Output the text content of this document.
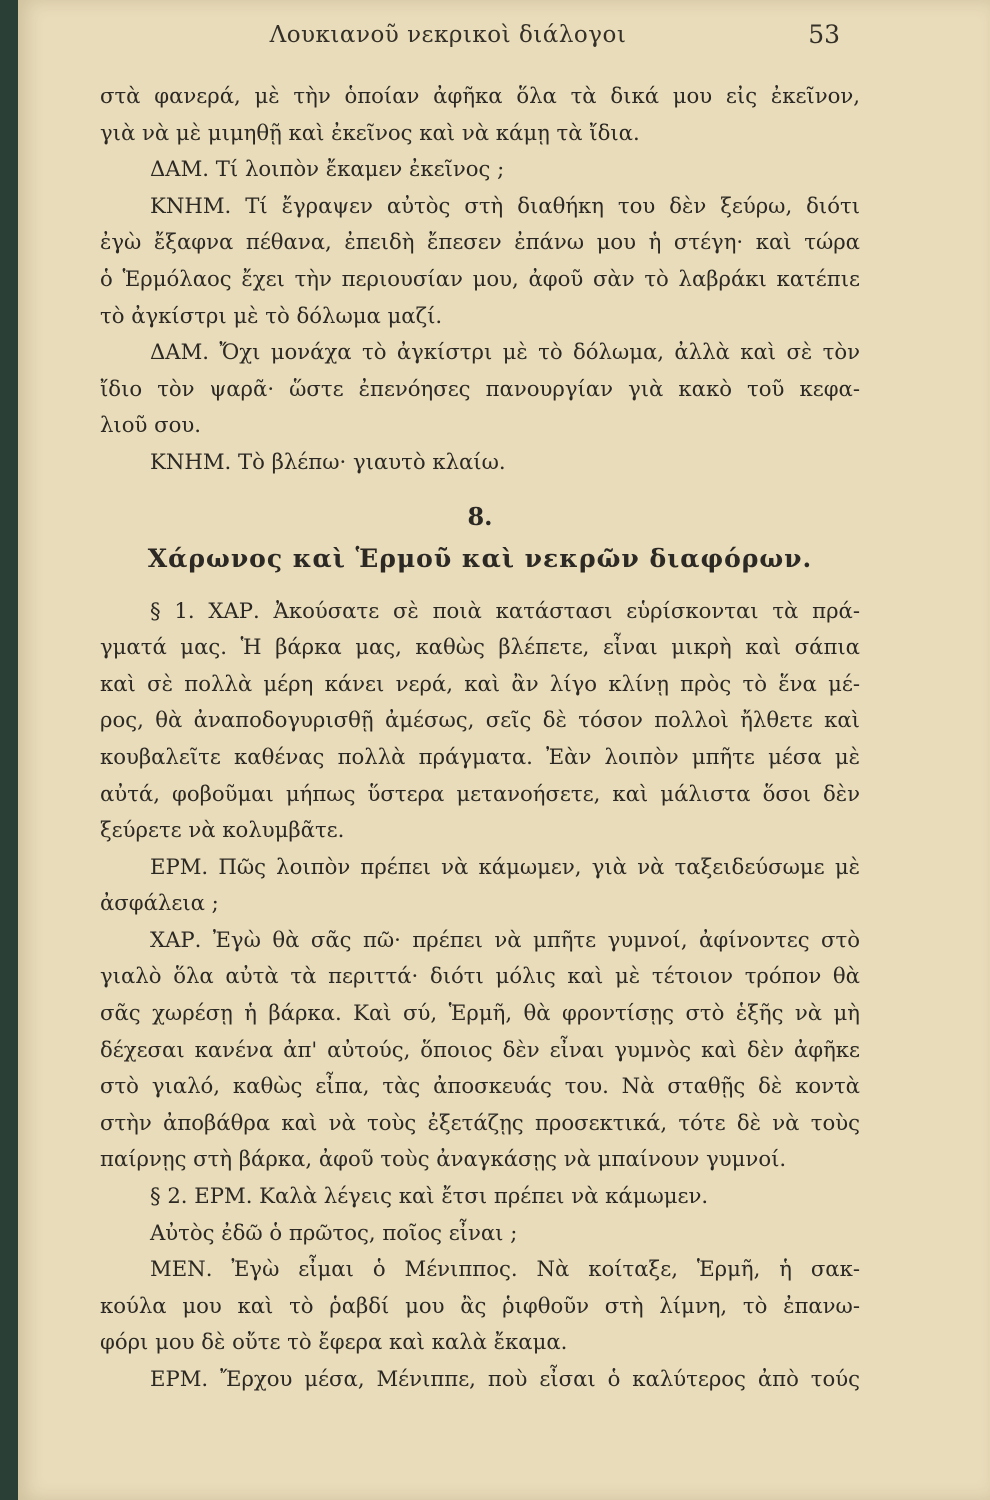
Λουκιανοῦ νεκρικοὶ διάλογοι	53
στὰ φανερά, μὲ τὴν ὁποίαν ἀφῆκα ὅλα τὰ δικά μου εἰς ἐκεῖνον,
γιὰ νὰ μὲ μιμηθῇ καὶ ἐκεῖνος καὶ νὰ κάμῃ τὰ ἴδια.
ΔΑΜ. Τί λοιπὸν ἔκαμεν ἐκεῖνος ;
ΚΝΗΜ. Τί ἔγραψεν αὐτὸς στὴ διαθήκη του δὲν ξεύρω, διότι
ἐγὼ ἔξαφνα πέθανα, ἐπειδὴ ἔπεσεν ἐπάνω μου ἡ στέγη· καὶ τώρα
ὁ Ἑρμόλαος ἔχει τὴν περιουσίαν μου, ἀφοῦ σὰν τὸ λαβράκι κατέπιε
τὸ ἀγκίστρι μὲ τὸ δόλωμα μαζί.
ΔΑΜ. Ὄχι μονάχα τὸ ἀγκίστρι μὲ τὸ δόλωμα, ἀλλὰ καὶ σὲ τὸν
ἴδιο τὸν ψαρᾶ· ὥστε ἐπενόησες πανουργίαν γιὰ κακὸ τοῦ κεφα-
λιοῦ σου.
ΚΝΗΜ. Τὸ βλέπω· γιαυτὸ κλαίω.
8.
Χάρωνος καὶ Ἑρμοῦ καὶ νεκρῶν διαφόρων.
§ 1. ΧΑΡ. Ἀκούσατε σὲ ποιὰ κατάστασι εὑρίσκονται τὰ πρά-
γματά μας. Ἡ βάρκα μας, καθὼς βλέπετε, εἶναι μικρὴ καὶ σάπια
καὶ σὲ πολλὰ μέρη κάνει νερά, καὶ ἂν λίγο κλίνῃ πρὸς τὸ ἕνα μέ-
ρος, θὰ ἀναποδογυρισθῇ ἀμέσως, σεῖς δὲ τόσον πολλοὶ ἤλθετε καὶ
κουβαλεῖτε καθένας πολλὰ πράγματα. Ἐὰν λοιπὸν μπῆτε μέσα μὲ
αὐτά, φοβοῦμαι μήπως ὕστερα μετανοήσετε, καὶ μάλιστα ὅσοι δὲν
ξεύρετε νὰ κολυμβᾶτε.
ΕΡΜ. Πῶς λοιπὸν πρέπει νὰ κάμωμεν, γιὰ νὰ ταξειδεύσωμε μὲ
ἀσφάλεια ;
ΧΑΡ. Ἐγὼ θὰ σᾶς πῶ· πρέπει νὰ μπῆτε γυμνοί, ἀφίνοντες στὸ
γιαλὸ ὅλα αὐτὰ τὰ περιττά· διότι μόλις καὶ μὲ τέτοιον τρόπον θὰ
σᾶς χωρέσῃ ἡ βάρκα. Καὶ σύ, Ἑρμῆ, θὰ φροντίσῃς στὸ ἑξῆς νὰ μὴ
δέχεσαι κανένα ἀπ' αὐτούς, ὅποιος δὲν εἶναι γυμνὸς καὶ δὲν ἀφῆκε
στὸ γιαλό, καθὼς εἶπα, τὰς ἀποσκευάς του. Νὰ σταθῇς δὲ κοντὰ
στὴν ἀποβάθρα καὶ νὰ τοὺς ἐξετάζῃς προσεκτικά, τότε δὲ νὰ τοὺς
παίρνῃς στὴ βάρκα, ἀφοῦ τοὺς ἀναγκάσῃς νὰ μπαίνουν γυμνοί.
§ 2. ΕΡΜ. Καλὰ λέγεις καὶ ἔτσι πρέπει νὰ κάμωμεν.
Αὐτὸς ἐδῶ ὁ πρῶτος, ποῖος εἶναι ;
ΜΕΝ. Ἐγὼ εἶμαι ὁ Μένιππος. Νὰ κοίταξε, Ἑρμῆ, ἡ σακ-
κούλα μου καὶ τὸ ῥαβδί μου ἂς ῥιφθοῦν στὴ λίμνη, τὸ ἐπανω-
φόρι μου δὲ οὔτε τὸ ἔφερα καὶ καλὰ ἔκαμα.
ΕΡΜ. Ἔρχου μέσα, Μένιππε, ποὺ εἶσαι ὁ καλύτερος ἀπὸ τούς
